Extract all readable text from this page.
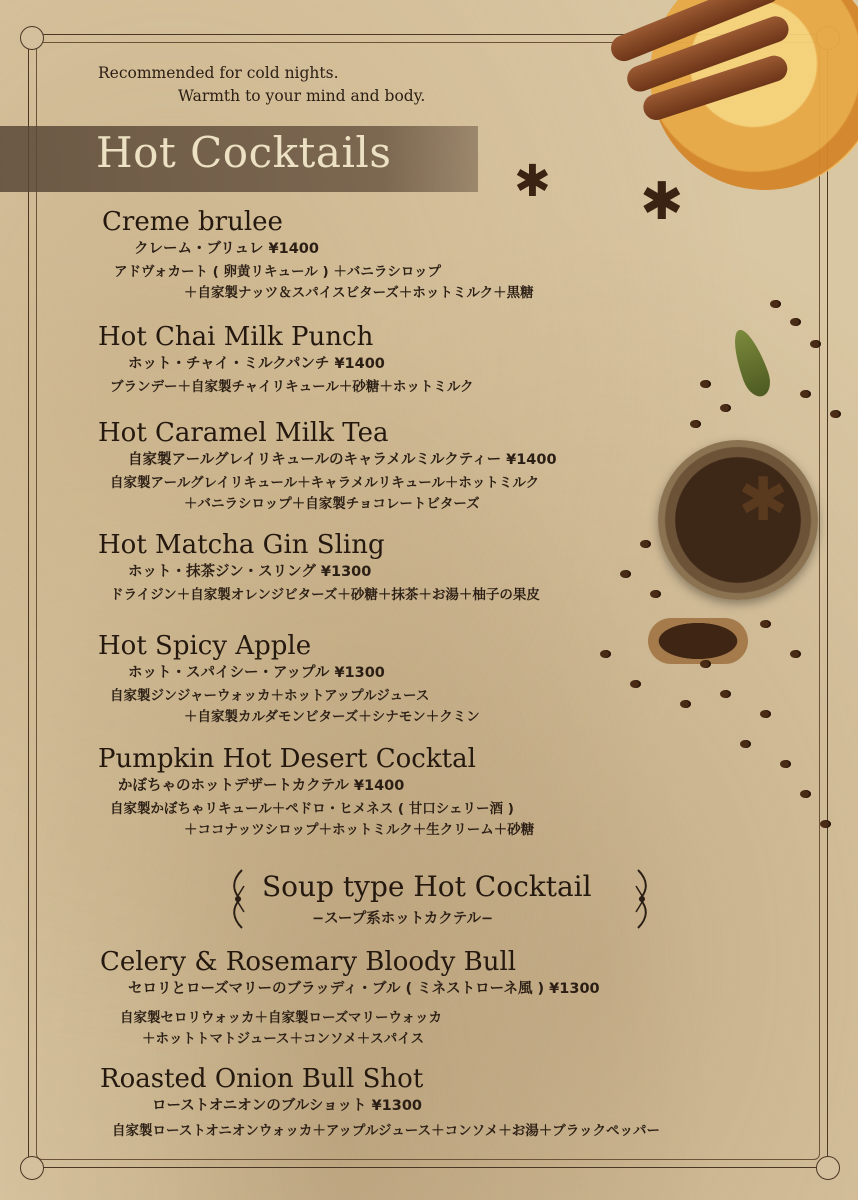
✱ ✱
✱
Recommended for cold nights.
Warmth to your mind and body.
Hot Cocktails
Creme brulee
クレーム・ブリュレ ¥1400
アドヴォカート ( 卵黄リキュール ) ＋バニラシロップ
＋自家製ナッツ＆スパイスビターズ＋ホットミルク＋黒糖
Hot Chai Milk Punch
ホット・チャイ・ミルクパンチ ¥1400
ブランデー＋自家製チャイリキュール＋砂糖＋ホットミルク
Hot Caramel Milk Tea
自家製アールグレイリキュールのキャラメルミルクティー ¥1400
自家製アールグレイリキュール＋キャラメルリキュール＋ホットミルク
＋バニラシロップ＋自家製チョコレートビターズ
Hot Matcha Gin Sling
ホット・抹茶ジン・スリング ¥1300
ドライジン＋自家製オレンジビターズ＋砂糖＋抹茶＋お湯＋柚子の果皮
Hot Spicy Apple
ホット・スパイシー・アップル ¥1300
自家製ジンジャーウォッカ＋ホットアップルジュース
＋自家製カルダモンビターズ＋シナモン＋クミン
Pumpkin Hot Desert Cocktal
かぼちゃのホットデザートカクテル ¥1400
自家製かぼちゃリキュール＋ペドロ・ヒメネス ( 甘口シェリー酒 )
＋ココナッツシロップ＋ホットミルク＋生クリーム＋砂糖
Soup type Hot Cocktail
−スープ系ホットカクテル−
Celery & Rosemary Bloody Bull
セロリとローズマリーのブラッディ・ブル ( ミネストローネ風 ) ¥1300
自家製セロリウォッカ＋自家製ローズマリーウォッカ
＋ホットトマトジュース＋コンソメ＋スパイス
Roasted Onion Bull Shot
ローストオニオンのブルショット ¥1300
自家製ローストオニオンウォッカ＋アップルジュース＋コンソメ＋お湯＋ブラックペッパー
